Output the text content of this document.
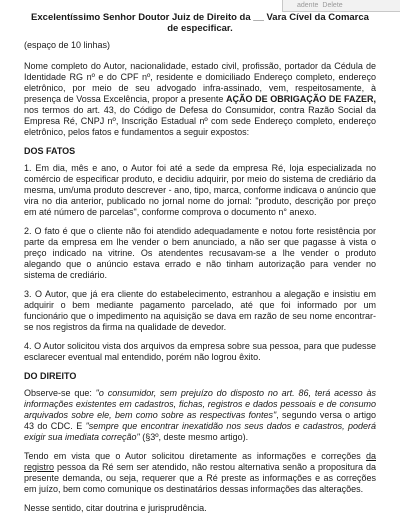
adente Delete

Excelentíssimo Senhor Doutor Juiz de Direito da __ Vara Cível da Comarca

de especificar.

(espaço de 10 linhas)

Nome completo do Autor, nacionalidade, estado civil, profissão, portador da Cédula de Identidade RG nº e do CPF nº, residente e domiciliado Endereço completo, endereço eletrônico, por meio de seu advogado infra-assinado, vem, respeitosamente, à presença de Vossa Excelência, propor a presente AÇÃO DE OBRIGAÇÃO DE FAZER, nos termos do art. 43, do Código de Defesa do Consumidor, contra Razão Social da Empresa Ré, CNPJ nº, Inscrição Estadual nº com sede Endereço completo, endereço eletrônico, pelos fatos e fundamentos a seguir expostos:

DOS FATOS

1. Em dia, mês e ano, o Autor foi até a sede da empresa Ré, loja especializada no comércio de especificar produto, e decidiu adquirir, por meio do sistema de crediário da mesma, um/uma produto descrever - ano, tipo, marca, conforme indicava o anúncio que vira no dia anterior, publicado no jornal nome do jornal: "produto, descrição por preço em até número de parcelas", conforme comprova o documento n° anexo.

2. O fato é que o cliente não foi atendido adequadamente e notou forte resistência por parte da empresa em lhe vender o bem anunciado, a não ser que pagasse à vista o preço indicado na vitrine. Os atendentes recusavam-se a lhe vender o produto alegando que o anúncio estava errado e não tinham autorização para vender no sistema de crediário.

3. O Autor, que já era cliente do estabelecimento, estranhou a alegação e insistiu em adquirir o bem mediante pagamento parcelado, até que foi informado por um funcionário que o impedimento na aquisição se dava em razão de seu nome encontrar-se nos registros da firma na qualidade de devedor.

4. O Autor solicitou vista dos arquivos da empresa sobre sua pessoa, para que pudesse esclarecer eventual mal entendido, porém não logrou êxito.

DO DIREITO

Observe-se que: "o consumidor, sem prejuízo do disposto no art. 86, terá acesso às informações existentes em cadastros, fichas, registros e dados pessoais e de consumo arquivados sobre ele, bem como sobre as respectivas fontes", segundo versa o artigo 43 do CDC. E "sempre que encontrar inexatidão nos seus dados e cadastros, poderá exigir sua imediata correção" (§3º, deste mesmo artigo).

Tendo em vista que o Autor solicitou diretamente as informações e correções da registro pessoa da Ré sem ser atendido, não restou alternativa senão a propositura da presente demanda, ou seja, requerer que a Ré preste as informações e as correções em juízo, bem como comunique os destinatários dessas informações das alterações.

Nesse sentido, citar doutrina e jurisprudência.
